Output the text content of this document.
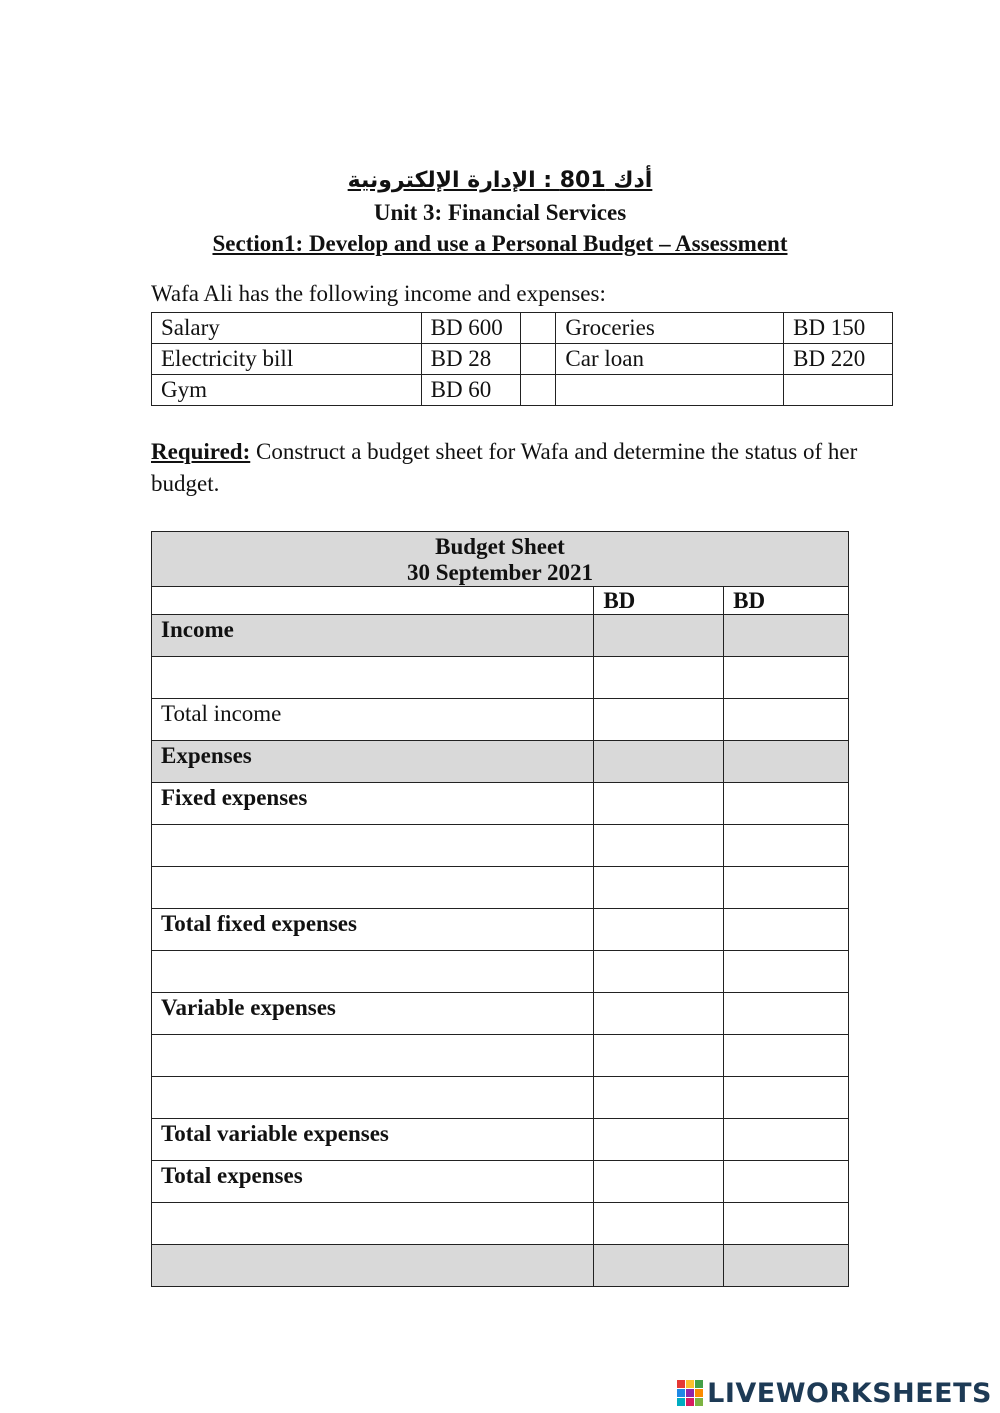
أدك 801 : الإدارة الإلكترونية
Unit 3: Financial Services
Section1: Develop and use a Personal Budget – Assessment
Wafa Ali has the following income and expenses:
Salary	BD 600		Groceries	BD 150
Electricity bill	BD 28		Car loan	BD 220
Gym	BD 60			
Required: Construct a budget sheet for Wafa and determine the status of her budget.
Budget Sheet
30 September 2021		

	BD	BD
Income		

Total income		
Expenses		
Fixed expenses		

Total fixed expenses		

Variable expenses		

Total variable expenses		
Total expenses		

LIVEWORKSHEETS
